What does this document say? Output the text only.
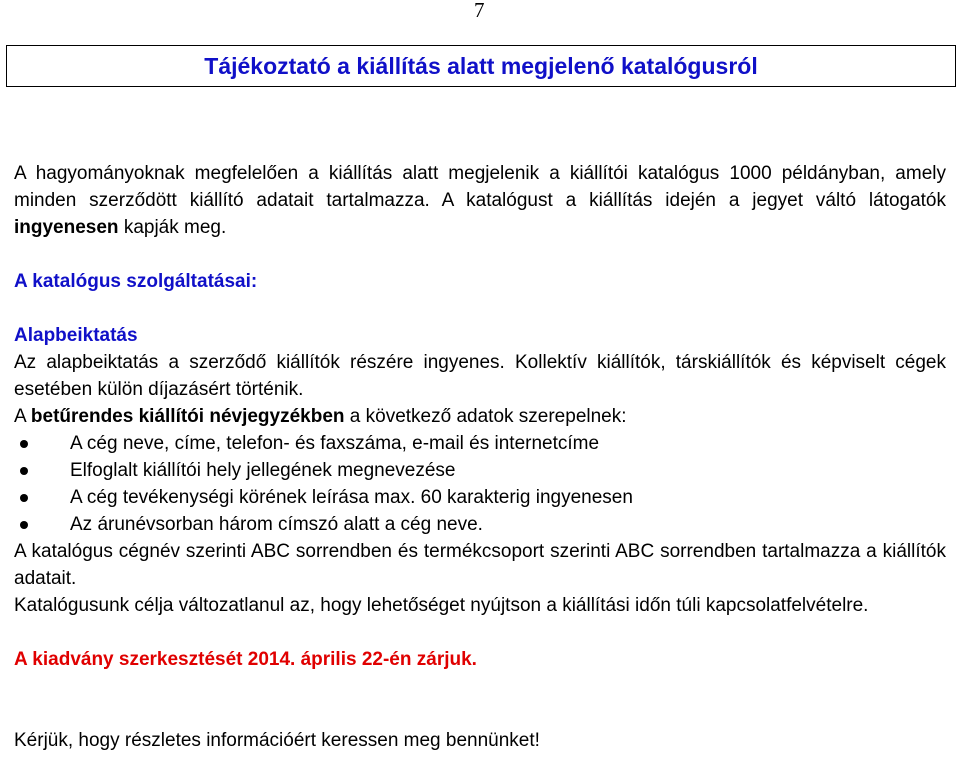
7
Tájékoztató a kiállítás alatt megjelenő katalógusról

A hagyományoknak megfelelően a kiállítás alatt megjelenik a kiállítói katalógus 1000 példányban, amely minden szerződött kiállító adatait tartalmazza. A katalógust a kiállítás idején a jegyet váltó látogatók ingyenesen kapják meg.

A katalógus szolgáltatásai:

Alapbeiktatás

Az alapbeiktatás a szerződő kiállítók részére ingyenes. Kollektív kiállítók, társkiállítók és képviselt cégek esetében külön díjazásért történik.

A betűrendes kiállítói névjegyzékben a következő adatok szerepelnek:

A cég neve, címe, telefon- és faxszáma, e-mail és internetcíme
Elfoglalt kiállítói hely jellegének megnevezése
A cég tevékenységi körének leírása max. 60 karakterig ingyenesen
Az árunévsorban három címszó alatt a cég neve.

A katalógus cégnév szerinti ABC sorrendben és termékcsoport szerinti ABC sorrendben tartalmazza a kiállítók adatait.

Katalógusunk célja változatlanul az, hogy lehetőséget nyújtson a kiállítási időn túli kapcsolatfelvételre.

A kiadvány szerkesztését 2014. április 22-én zárjuk.

Kérjük, hogy részletes információért keressen meg bennünket!
